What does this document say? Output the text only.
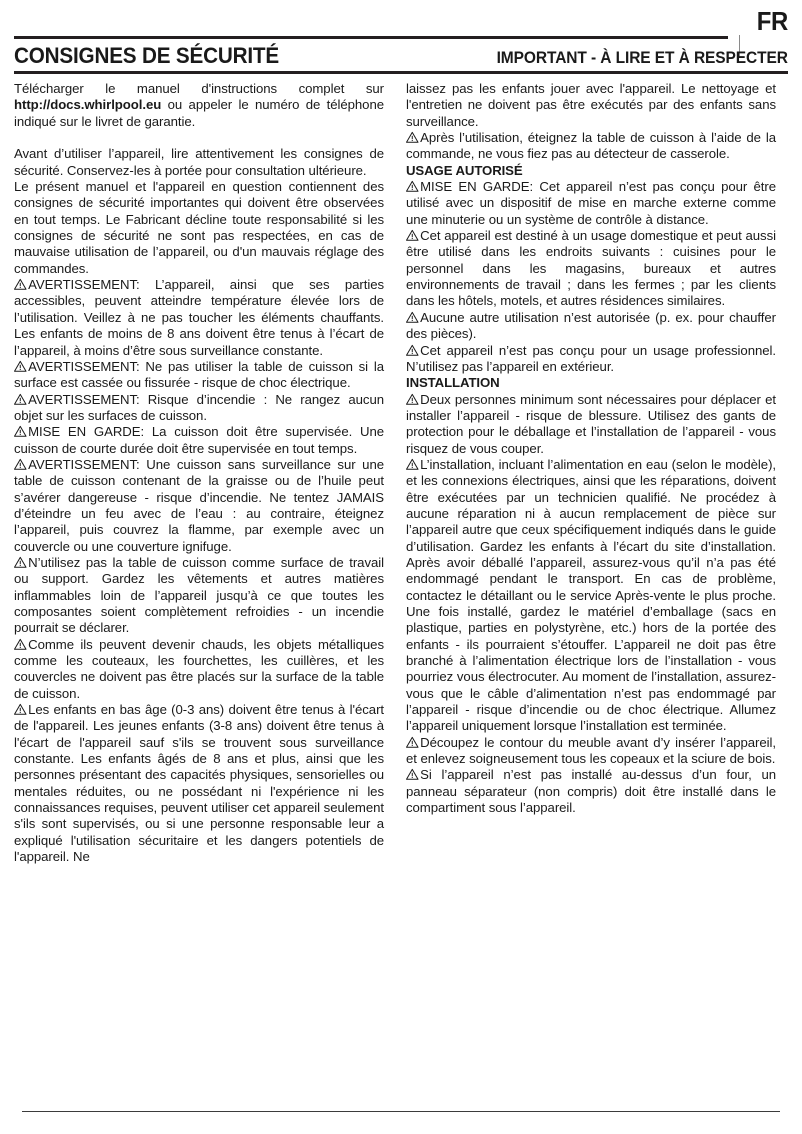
FR
CONSIGNES DE SÉCURITÉ	IMPORTANT - À LIRE ET À RESPECTER

Télécharger le manuel d'instructions complet sur http://docs.whirlpool.eu ou appeler le numéro de téléphone indiqué sur le livret de garantie.

Avant d’utiliser l’appareil, lire attentivement les consignes de sécurité. Conservez-les à portée pour consultation ultérieure.

Le présent manuel et l'appareil en question contiennent des consignes de sécurité importantes qui doivent être observées en tout temps. Le Fabricant décline toute responsabilité si les consignes de sécurité ne sont pas respectées, en cas de mauvaise utilisation de l’appareil, ou d'un mauvais réglage des commandes.

AVERTISSEMENT: L’appareil, ainsi que ses parties accessibles, peuvent atteindre température élevée lors de l’utilisation. Veillez à ne pas toucher les éléments chauffants. Les enfants de moins de 8 ans doivent être tenus à l’écart de l’appareil, à moins d’être sous surveillance constante.

AVERTISSEMENT: Ne pas utiliser la table de cuisson si la surface est cassée ou fissurée - risque de choc électrique.

AVERTISSEMENT: Risque d’incendie : Ne rangez aucun objet sur les surfaces de cuisson.

MISE EN GARDE: La cuisson doit être supervisée. Une cuisson de courte durée doit être supervisée en tout temps.

AVERTISSEMENT: Une cuisson sans surveillance sur une table de cuisson contenant de la graisse ou de l’huile peut s’avérer dangereuse - risque d’incendie. Ne tentez JAMAIS d’éteindre un feu avec de l’eau : au contraire, éteignez l’appareil, puis couvrez la flamme, par exemple avec un couvercle ou une couverture ignifuge.

N’utilisez pas la table de cuisson comme surface de travail ou support. Gardez les vêtements et autres matières inflammables loin de l’appareil jusqu’à ce que toutes les composantes soient complètement refroidies - un incendie pourrait se déclarer.

Comme ils peuvent devenir chauds, les objets métalliques comme les couteaux, les fourchettes, les cuillères, et les couvercles ne doivent pas être placés sur la surface de la table de cuisson.

Les enfants en bas âge (0-3 ans) doivent être tenus à l'écart de l'appareil. Les jeunes enfants (3-8 ans) doivent être tenus à l'écart de l'appareil sauf s'ils se trouvent sous surveillance constante. Les enfants âgés de 8 ans et plus, ainsi que les personnes présentant des capacités physiques, sensorielles ou mentales réduites, ou ne possédant ni l'expérience ni les connaissances requises, peuvent utiliser cet appareil seulement s'ils sont supervisés, ou si une personne responsable leur a expliqué l'utilisation sécuritaire et les dangers potentiels de l'appareil. Ne

laissez pas les enfants jouer avec l'appareil. Le nettoyage et l'entretien ne doivent pas être exécutés par des enfants sans surveillance.

Après l’utilisation, éteignez la table de cuisson à l’aide de la commande, ne vous fiez pas au détecteur de casserole.

USAGE AUTORISÉ

MISE EN GARDE: Cet appareil n’est pas conçu pour être utilisé avec un dispositif de mise en marche externe comme une minuterie ou un système de contrôle à distance.

Cet appareil est destiné à un usage domestique et peut aussi être utilisé dans les endroits suivants : cuisines pour le personnel dans les magasins, bureaux et autres environnements de travail ; dans les fermes ; par les clients dans les hôtels, motels, et autres résidences similaires.

Aucune autre utilisation n’est autorisée (p. ex. pour chauffer des pièces).

Cet appareil n’est pas conçu pour un usage professionnel. N’utilisez pas l’appareil en extérieur.

INSTALLATION

Deux personnes minimum sont nécessaires pour déplacer et installer l’appareil - risque de blessure. Utilisez des gants de protection pour le déballage et l’installation de l’appareil - vous risquez de vous couper.

L’installation, incluant l’alimentation en eau (selon le modèle), et les connexions électriques, ainsi que les réparations, doivent être exécutées par un technicien qualifié. Ne procédez à aucune réparation ni à aucun remplacement de pièce sur l’appareil autre que ceux spécifiquement indiqués dans le guide d’utilisation. Gardez les enfants à l’écart du site d’installation. Après avoir déballé l’appareil, assurez-vous qu’il n’a pas été endommagé pendant le transport. En cas de problème, contactez le détaillant ou le service Après-vente le plus proche. Une fois installé, gardez le matériel d’emballage (sacs en plastique, parties en polystyrène, etc.) hors de la portée des enfants - ils pourraient s’étouffer. L’appareil ne doit pas être branché à l’alimentation électrique lors de l’installation - vous pourriez vous électrocuter. Au moment de l’installation, assurez-vous que le câble d’alimentation n’est pas endommagé par l’appareil - risque d’incendie ou de choc électrique. Allumez l’appareil uniquement lorsque l’installation est terminée.

Découpez le contour du meuble avant d’y insérer l’appareil, et enlevez soigneusement tous les copeaux et la sciure de bois.

Si l’appareil n’est pas installé au-dessus d’un four, un panneau séparateur (non compris) doit être installé dans le compartiment sous l’appareil.
